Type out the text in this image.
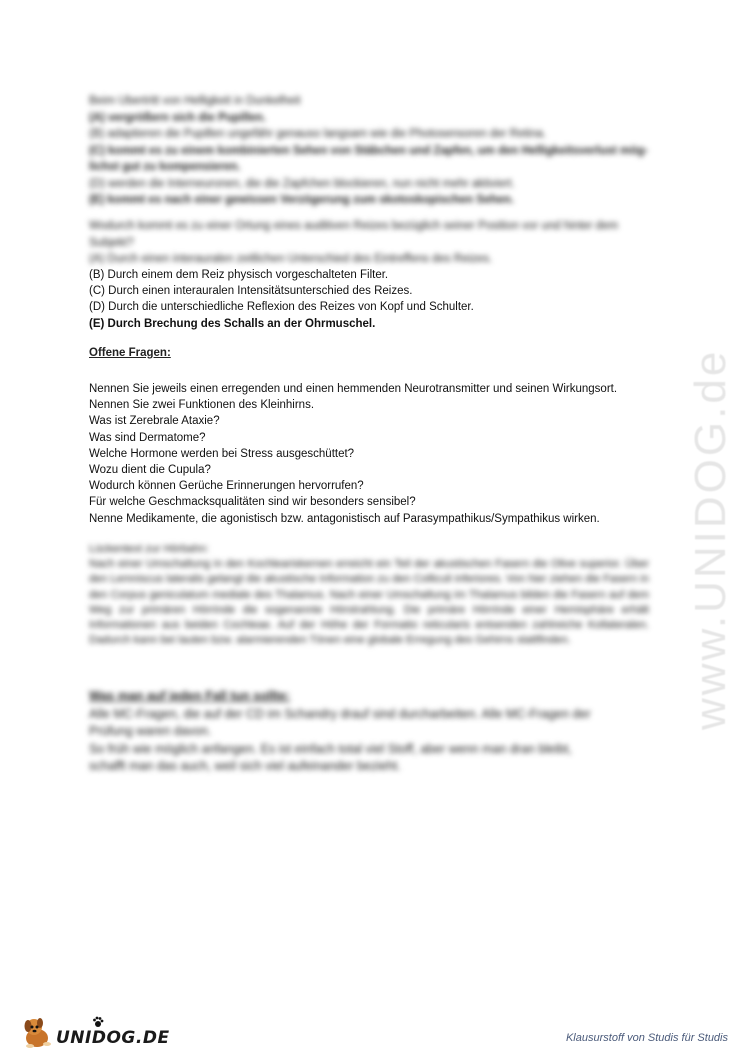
www.UNIDOG.de
Beim Übertritt von Helligkeit in Dunkelheit
(A) vergrößern sich die Pupillen.
(B) adaptieren die Pupillen ungefähr genauso langsam wie die Photosensoren der Retina.
(C) kommt es zu einem kombinierten Sehen von Stäbchen und Zapfen, um den Helligkeitsverlust mög-
lichst gut zu kompensieren.
(D) werden die Interneuronen, die die Zapfchen blockieren, nun nicht mehr aktiviert.
(E) kommt es nach einer gewissen Verzögerung zum skotoskopischen Sehen.
Wodurch kommt es zu einer Ortung eines auditiven Reizes bezüglich seiner Position vor und hinter dem
Subjekt?
(A) Durch einen interauralen zeitlichen Unterschied des Eintreffens des Reizes.
(B) Durch einem dem Reiz physisch vorgeschalteten Filter.
(C) Durch einen interauralen Intensitätsunterschied des Reizes.
(D) Durch die unterschiedliche Reflexion des Reizes von Kopf und Schulter.
(E) Durch Brechung des Schalls an der Ohrmuschel.
Offene Fragen:
Nennen Sie jeweils einen erregenden und einen hemmenden Neurotransmitter und seinen Wirkungsort.
Nennen Sie zwei Funktionen des Kleinhirns.
Was ist Zerebrale Ataxie?
Was sind Dermatome?
Welche Hormone werden bei Stress ausgeschüttet?
Wozu dient die Cupula?
Wodurch können Gerüche Erinnerungen hervorrufen?
Für welche Geschmacksqualitäten sind wir besonders sensibel?
Nenne Medikamente, die agonistisch bzw. antagonistisch auf Parasympathikus/Sympathikus wirken.

Lückentext zur Hörbahn:

Nach einer Umschaltung in den Kochleariskernen erreicht ein Teil der akustischen Fasern die Olive superior. Über den Lemniscus lateralis gelangt die akustische Information zu den Colliculi inferiores. Von hier ziehen die Fasern in den Corpus geniculatum mediale des Thalamus. Nach einer Umschaltung im Thalamus bilden die Fasern auf dem Weg zur primären Hörrinde die sogenannte Hörstrahlung. Die primäre Hörrinde einer Hemisphäre erhält Informationen aus beiden Cochleae. Auf der Höhe der Formatio reticularis entsenden zahlreiche Kollateralen. Dadurch kann bei lauten bzw. alarmierenden Tönen eine globale Erregung des Gehirns stattfinden.

Was man auf jeden Fall tun sollte:

Alle MC-Fragen, die auf der CD im Schandry drauf sind durcharbeiten. Alle MC-Fragen der

Prüfung waren davon.

So früh wie möglich anfangen. Es ist einfach total viel Stoff, aber wenn man dran bleibt,

schafft man das auch, weil sich viel aufeinander bezieht.

UNIDOG.DE	Klausurstoff von Studis für Studis
